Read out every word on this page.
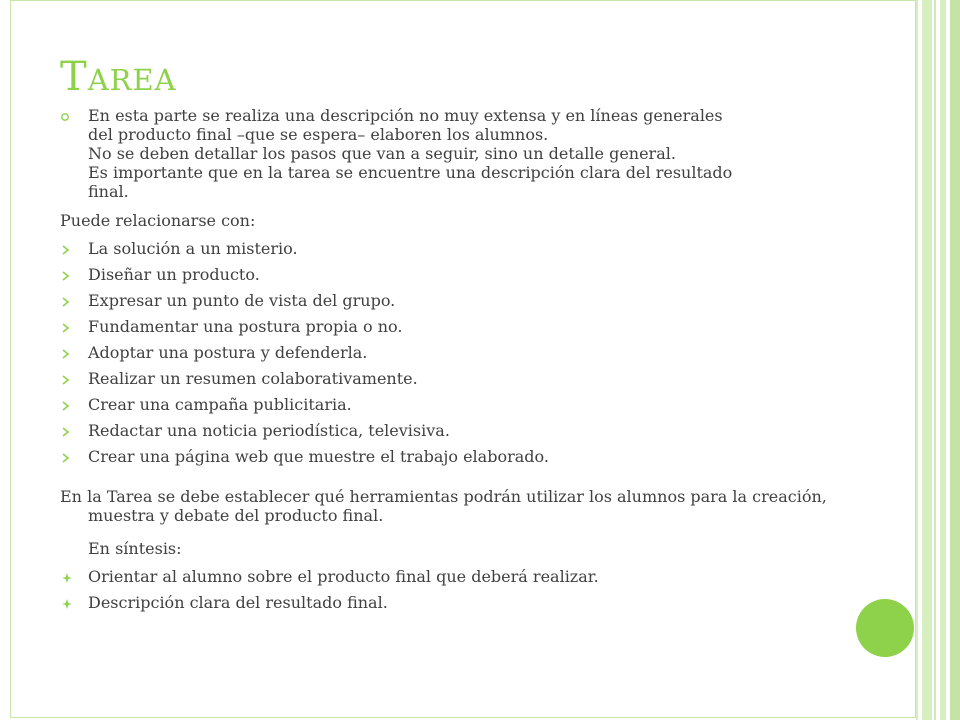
TAREA
En esta parte se realiza una descripción no muy extensa y en líneas generales
del producto final –que se espera– elaboren los alumnos.
No se deben detallar los pasos que van a seguir, sino un detalle general.
Es importante que en la tarea se encuentre una descripción clara del resultado
final.
Puede relacionarse con:
La solución a un misterio.
Diseñar un producto.
Expresar un punto de vista del grupo.
Fundamentar una postura propia o no.
Adoptar una postura y defenderla.
Realizar un resumen colaborativamente.
Crear una campaña publicitaria.
Redactar una noticia periodística, televisiva.
Crear una página web que muestre el trabajo elaborado.
En la Tarea se debe establecer qué herramientas podrán utilizar los alumnos para la creación, muestra y debate del producto final.
En síntesis:
Orientar al alumno sobre el producto final que deberá realizar.
Descripción clara del resultado final.
